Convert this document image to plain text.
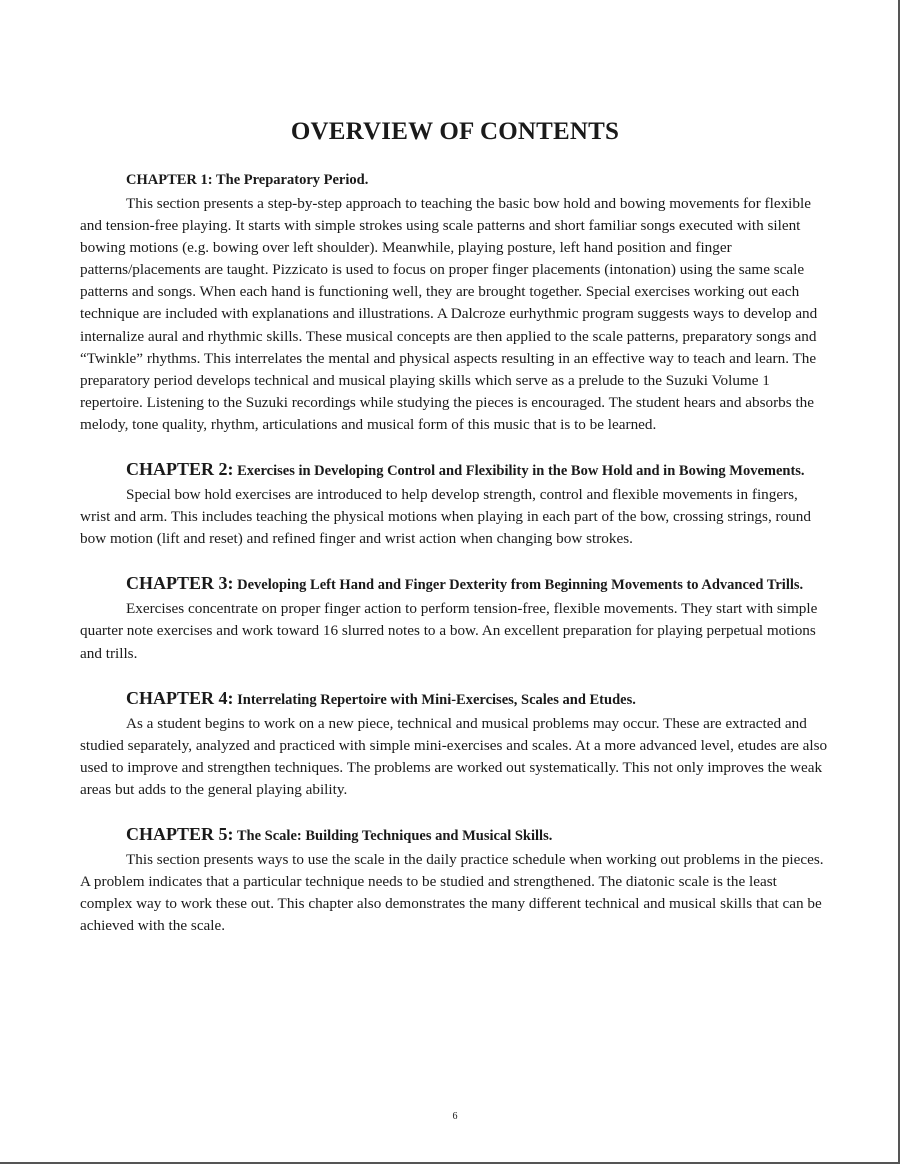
OVERVIEW OF CONTENTS

CHAPTER 1: The Preparatory Period.

This section presents a step-by-step approach to teaching the basic bow hold and bowing movements for flexible and tension-free playing. It starts with simple strokes using scale patterns and short familiar songs executed with silent bowing motions (e.g. bowing over left shoulder). Meanwhile, playing posture, left hand position and finger patterns/placements are taught. Pizzicato is used to focus on proper finger placements (intonation) using the same scale patterns and songs. When each hand is functioning well, they are brought together. Special exercises working out each technique are included with explanations and illustrations. A Dalcroze eurhythmic program suggests ways to develop and internalize aural and rhythmic skills. These musical concepts are then applied to the scale patterns, preparatory songs and “Twinkle” rhythms. This interrelates the mental and physical aspects resulting in an effective way to teach and learn. The preparatory period develops technical and musical playing skills which serve as a prelude to the Suzuki Volume 1 repertoire. Listening to the Suzuki recordings while studying the pieces is encouraged. The student hears and absorbs the melody, tone quality, rhythm, articulations and musical form of this music that is to be learned.

CHAPTER 2: Exercises in Developing Control and Flexibility in the Bow Hold and in Bowing Movements.

Special bow hold exercises are introduced to help develop strength, control and flexible movements in fingers, wrist and arm. This includes teaching the physical motions when playing in each part of the bow, crossing strings, round bow motion (lift and reset) and refined finger and wrist action when changing bow strokes.

CHAPTER 3: Developing Left Hand and Finger Dexterity from Beginning Movements to Advanced Trills.

Exercises concentrate on proper finger action to perform tension-free, flexible movements. They start with simple quarter note exercises and work toward 16 slurred notes to a bow. An excellent preparation for playing perpetual motions and trills.

CHAPTER 4: Interrelating Repertoire with Mini-Exercises, Scales and Etudes.

As a student begins to work on a new piece, technical and musical problems may occur. These are extracted and studied separately, analyzed and practiced with simple mini-exercises and scales. At a more advanced level, etudes are also used to improve and strengthen techniques. The problems are worked out systematically. This not only improves the weak areas but adds to the general playing ability.

CHAPTER 5: The Scale: Building Techniques and Musical Skills.

This section presents ways to use the scale in the daily practice schedule when working out problems in the pieces. A problem indicates that a particular technique needs to be studied and strengthened. The diatonic scale is the least complex way to work these out. This chapter also demonstrates the many different technical and musical skills that can be achieved with the scale.

6
